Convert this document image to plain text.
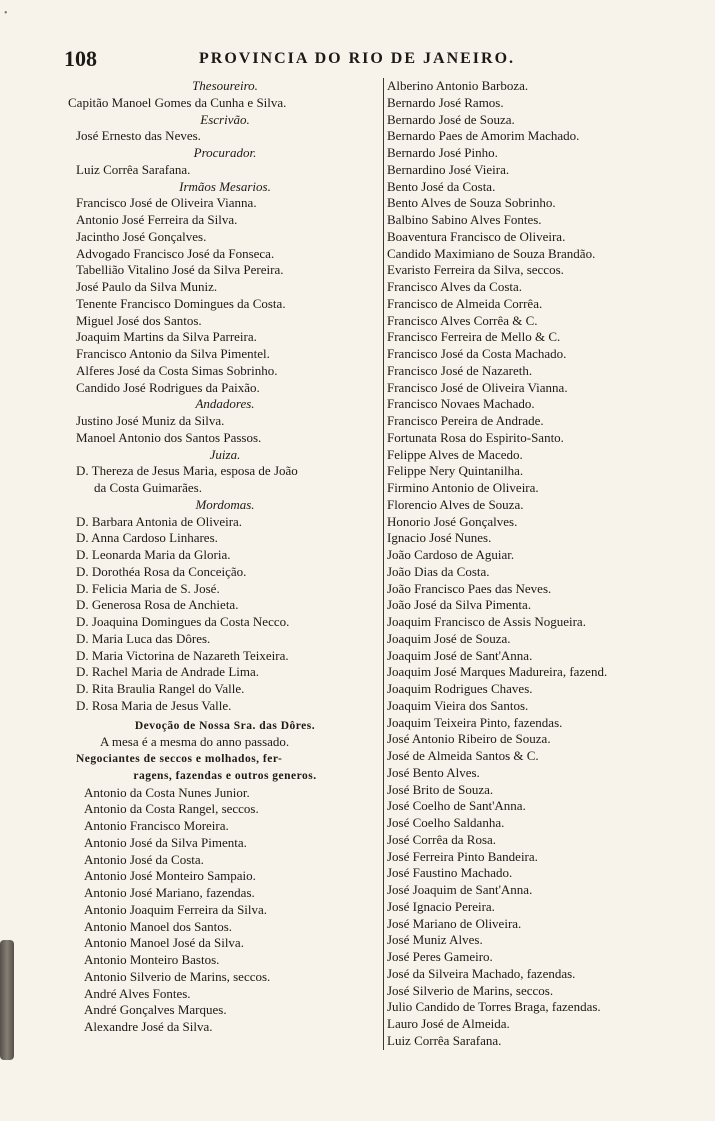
•
108	PROVINCIA DO RIO DE JANEIRO.
Thesoureiro.
Capitão Manoel Gomes da Cunha e Silva.
Escrivão.
José Ernesto das Neves.
Procurador.
Luiz Corrêa Sarafana.
Irmãos Mesarios.
Francisco José de Oliveira Vianna.
Antonio José Ferreira da Silva.
Jacintho José Gonçalves.
Advogado Francisco José da Fonseca.
Tabellião Vitalino José da Silva Pereira.
José Paulo da Silva Muniz.
Tenente Francisco Domingues da Costa.
Miguel José dos Santos.
Joaquim Martins da Silva Parreira.
Francisco Antonio da Silva Pimentel.
Alferes José da Costa Simas Sobrinho.
Candido José Rodrigues da Paixão.
Andadores.
Justino José Muniz da Silva.
Manoel Antonio dos Santos Passos.
Juiza.
D. Thereza de Jesus Maria, esposa de João
da Costa Guimarães.
Mordomas.
D. Barbara Antonia de Oliveira.
D. Anna Cardoso Linhares.
D. Leonarda Maria da Gloria.
D. Dorothéa Rosa da Conceição.
D. Felicia Maria de S. José.
D. Generosa Rosa de Anchieta.
D. Joaquina Domingues da Costa Necco.
D. Maria Luca das Dôres.
D. Maria Victorina de Nazareth Teixeira.
D. Rachel Maria de Andrade Lima.
D. Rita Braulia Rangel do Valle.
D. Rosa Maria de Jesus Valle.
Devoção de Nossa Sra. das Dôres.
A mesa é a mesma do anno passado.
Negociantes de seccos e molhados, fer-
ragens, fazendas e outros generos.
Antonio da Costa Nunes Junior.
Antonio da Costa Rangel, seccos.
Antonio Francisco Moreira.
Antonio José da Silva Pimenta.
Antonio José da Costa.
Antonio José Monteiro Sampaio.
Antonio José Mariano, fazendas.
Antonio Joaquim Ferreira da Silva.
Antonio Manoel dos Santos.
Antonio Manoel José da Silva.
Antonio Monteiro Bastos.
Antonio Silverio de Marins, seccos.
André Alves Fontes.
André Gonçalves Marques.
Alexandre José da Silva.
Alberino Antonio Barboza.
Bernardo José Ramos.
Bernardo José de Souza.
Bernardo Paes de Amorim Machado.
Bernardo José Pinho.
Bernardino José Vieira.
Bento José da Costa.
Bento Alves de Souza Sobrinho.
Balbino Sabino Alves Fontes.
Boaventura Francisco de Oliveira.
Candido Maximiano de Souza Brandão.
Evaristo Ferreira da Silva, seccos.
Francisco Alves da Costa.
Francisco de Almeida Corrêa.
Francisco Alves Corrêa & C.
Francisco Ferreira de Mello & C.
Francisco José da Costa Machado.
Francisco José de Nazareth.
Francisco José de Oliveira Vianna.
Francisco Novaes Machado.
Francisco Pereira de Andrade.
Fortunata Rosa do Espirito-Santo.
Felippe Alves de Macedo.
Felippe Nery Quintanilha.
Firmino Antonio de Oliveira.
Florencio Alves de Souza.
Honorio José Gonçalves.
Ignacio José Nunes.
João Cardoso de Aguiar.
João Dias da Costa.
João Francisco Paes das Neves.
João José da Silva Pimenta.
Joaquim Francisco de Assis Nogueira.
Joaquim José de Souza.
Joaquim José de Sant'Anna.
Joaquim José Marques Madureira, fazend.
Joaquim Rodrigues Chaves.
Joaquim Vieira dos Santos.
Joaquim Teixeira Pinto, fazendas.
José Antonio Ribeiro de Souza.
José de Almeida Santos & C.
José Bento Alves.
José Brito de Souza.
José Coelho de Sant'Anna.
José Coelho Saldanha.
José Corrêa da Rosa.
José Ferreira Pinto Bandeira.
José Faustino Machado.
José Joaquim de Sant'Anna.
José Ignacio Pereira.
José Mariano de Oliveira.
José Muniz Alves.
José Peres Gameiro.
José da Silveira Machado, fazendas.
José Silverio de Marins, seccos.
Julio Candido de Torres Braga, fazendas.
Lauro José de Almeida.
Luiz Corrêa Sarafana.
